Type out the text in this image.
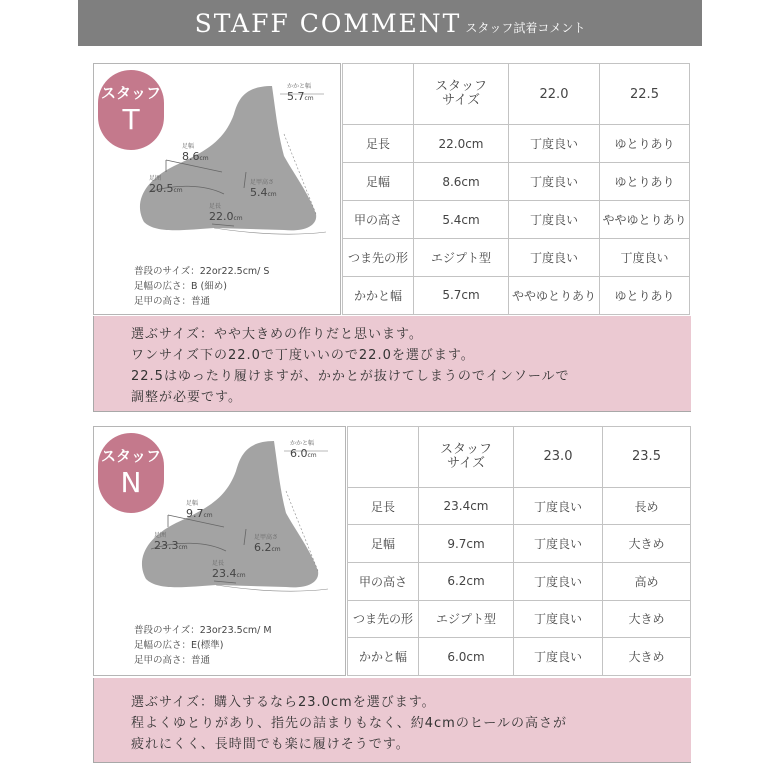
STAFF COMMENT スタッフ試着コメント
スタッフ
T
かかと幅
5.7cm
足幅
8.6cm
足囲
20.5cm
足甲高さ
5.4cm
足長
22.0cm
普段のサイズ：22or22.5cm/ S
足幅の広さ：B (細め)
足甲の高さ：普通
	スタッフ
サイズ	22.0	22.5
足長	22.0cm	丁度良い	ゆとりあり
足幅	8.6cm	丁度良い	ゆとりあり
甲の高さ	5.4cm	丁度良い	ややゆとりあり
つま先の形	エジプト型	丁度良い	丁度良い
かかと幅	5.7cm	ややゆとりあり	ゆとりあり
選ぶサイズ：やや大きめの作りだと思います。
ワンサイズ下の22.0で丁度いいので22.0を選びます。
22.5はゆったり履けますが、かかとが抜けてしまうのでインソールで
調整が必要です。
スタッフ
N
かかと幅
6.0cm
足幅
9.7cm
足囲
23.3cm
足甲高さ
6.2cm
足長
23.4cm
普段のサイズ：23or23.5cm/ M
足幅の広さ：E(標準)
足甲の高さ：普通
	スタッフ
サイズ	23.0	23.5
足長	23.4cm	丁度良い	長め
足幅	9.7cm	丁度良い	大きめ
甲の高さ	6.2cm	丁度良い	高め
つま先の形	エジプト型	丁度良い	大きめ
かかと幅	6.0cm	丁度良い	大きめ
選ぶサイズ：購入するなら23.0cmを選びます。
程よくゆとりがあり、指先の詰まりもなく、約4cmのヒールの高さが
疲れにくく、長時間でも楽に履けそうです。
